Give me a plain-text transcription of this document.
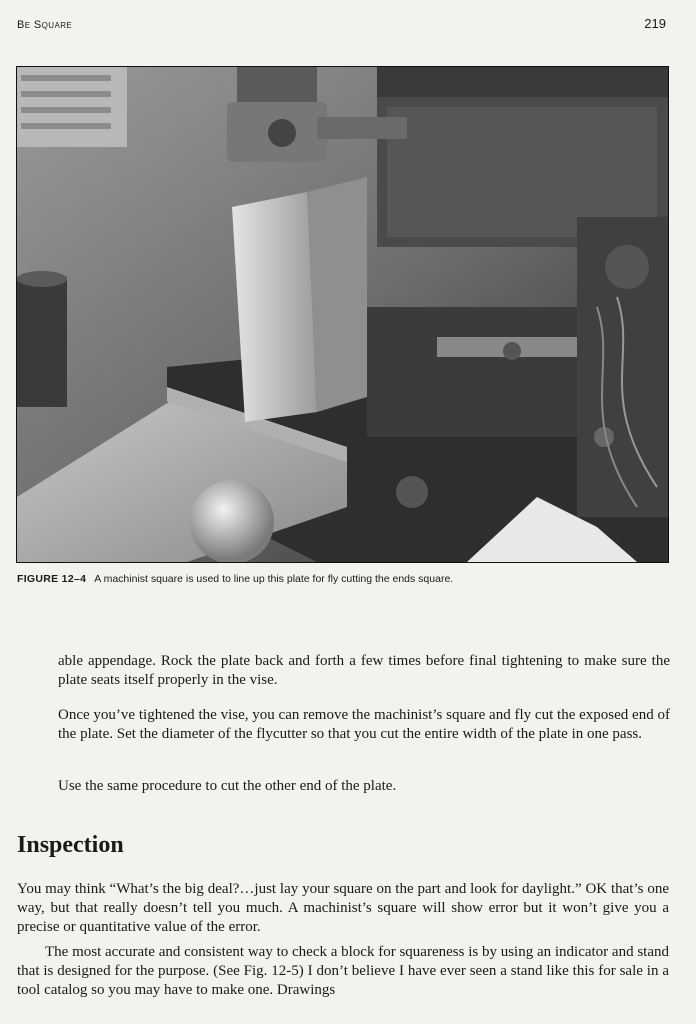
Be Square	219
FIGURE 12–4 A machinist square is used to line up this plate for fly cutting the ends square.

able appendage. Rock the plate back and forth a few times before final tightening to make sure the plate seats itself properly in the vise.

Once you’ve tightened the vise, you can remove the machinist’s square and fly cut the exposed end of the plate. Set the diameter of the flycutter so that you cut the entire width of the plate in one pass.

Use the same procedure to cut the other end of the plate.

Inspection

You may think “What’s the big deal?…just lay your square on the part and look for daylight.” OK that’s one way, but that really doesn’t tell you much. A machinist’s square will show error but it won’t give you a precise or quantitative value of the error.

The most accurate and consistent way to check a block for squareness is by using an indicator and stand that is designed for the purpose. (See Fig. 12-5) I don’t believe I have ever seen a stand like this for sale in a tool catalog so you may have to make one. Drawings
